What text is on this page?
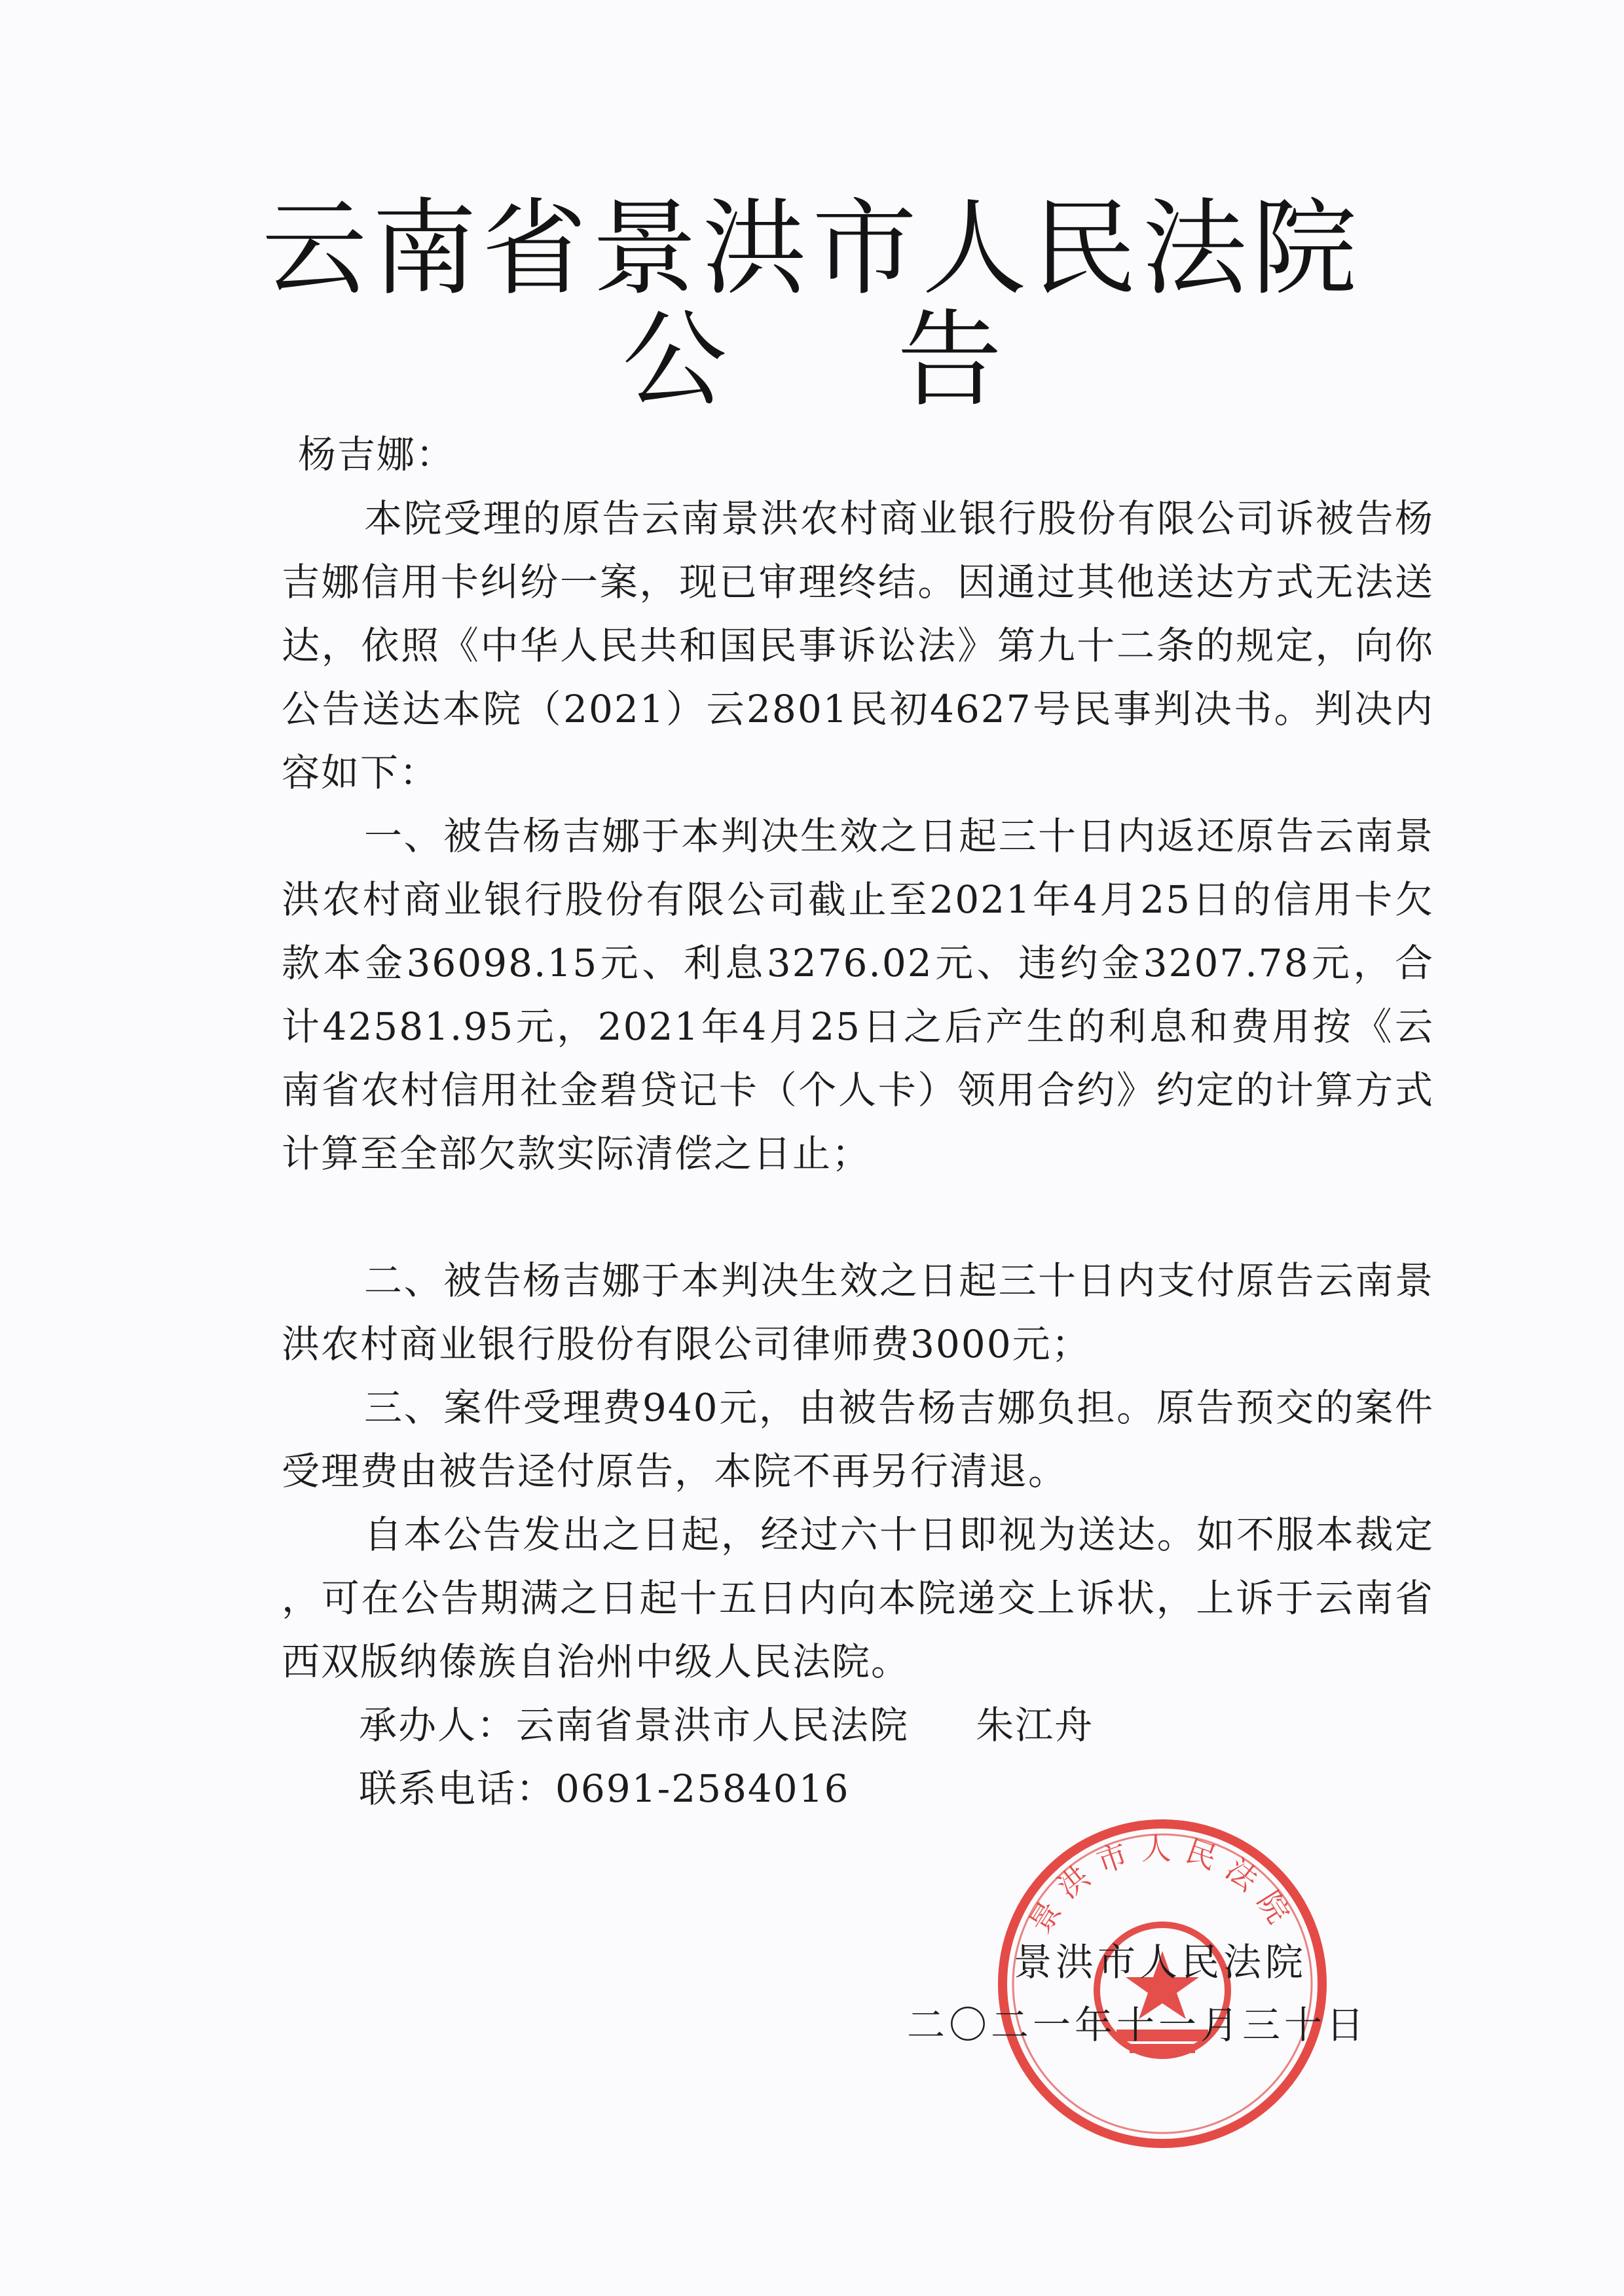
云南省景洪市人民法院
公 告
杨吉娜：
本院受理的原告云南景洪农村商业银行股份有限公司诉被告杨吉娜信用卡纠纷一案，现已审理终结。因通过其他送达方式无法送达，依照《中华人民共和国民事诉讼法》第九十二条的规定，向你公告送达本院（2021）云2801民初4627号民事判决书。判决内容如下：
一、被告杨吉娜于本判决生效之日起三十日内返还原告云南景洪农村商业银行股份有限公司截止至2021年4月25日的信用卡欠款本金36098.15元、利息3276.02元、违约金3207.78元，合计42581.95元，2021年4月25日之后产生的利息和费用按《云南省农村信用社金碧贷记卡（个人卡）领用合约》约定的计算方式计算至全部欠款实际清偿之日止；
二、被告杨吉娜于本判决生效之日起三十日内支付原告云南景洪农村商业银行股份有限公司律师费3000元；
三、案件受理费940元，由被告杨吉娜负担。原告预交的案件受理费由被告迳付原告，本院不再另行清退。
自本公告发出之日起，经过六十日即视为送达。如不服本裁定 ，可在公告期满之日起十五日内向本院递交上诉状，上诉于云南省西双版纳傣族自治州中级人民法院。
承办人：云南省景洪市人民法院     朱江舟
联系电话：0691-2584016
景洪市人民法院
景洪市人民法院
二〇二一年十一月三十日
